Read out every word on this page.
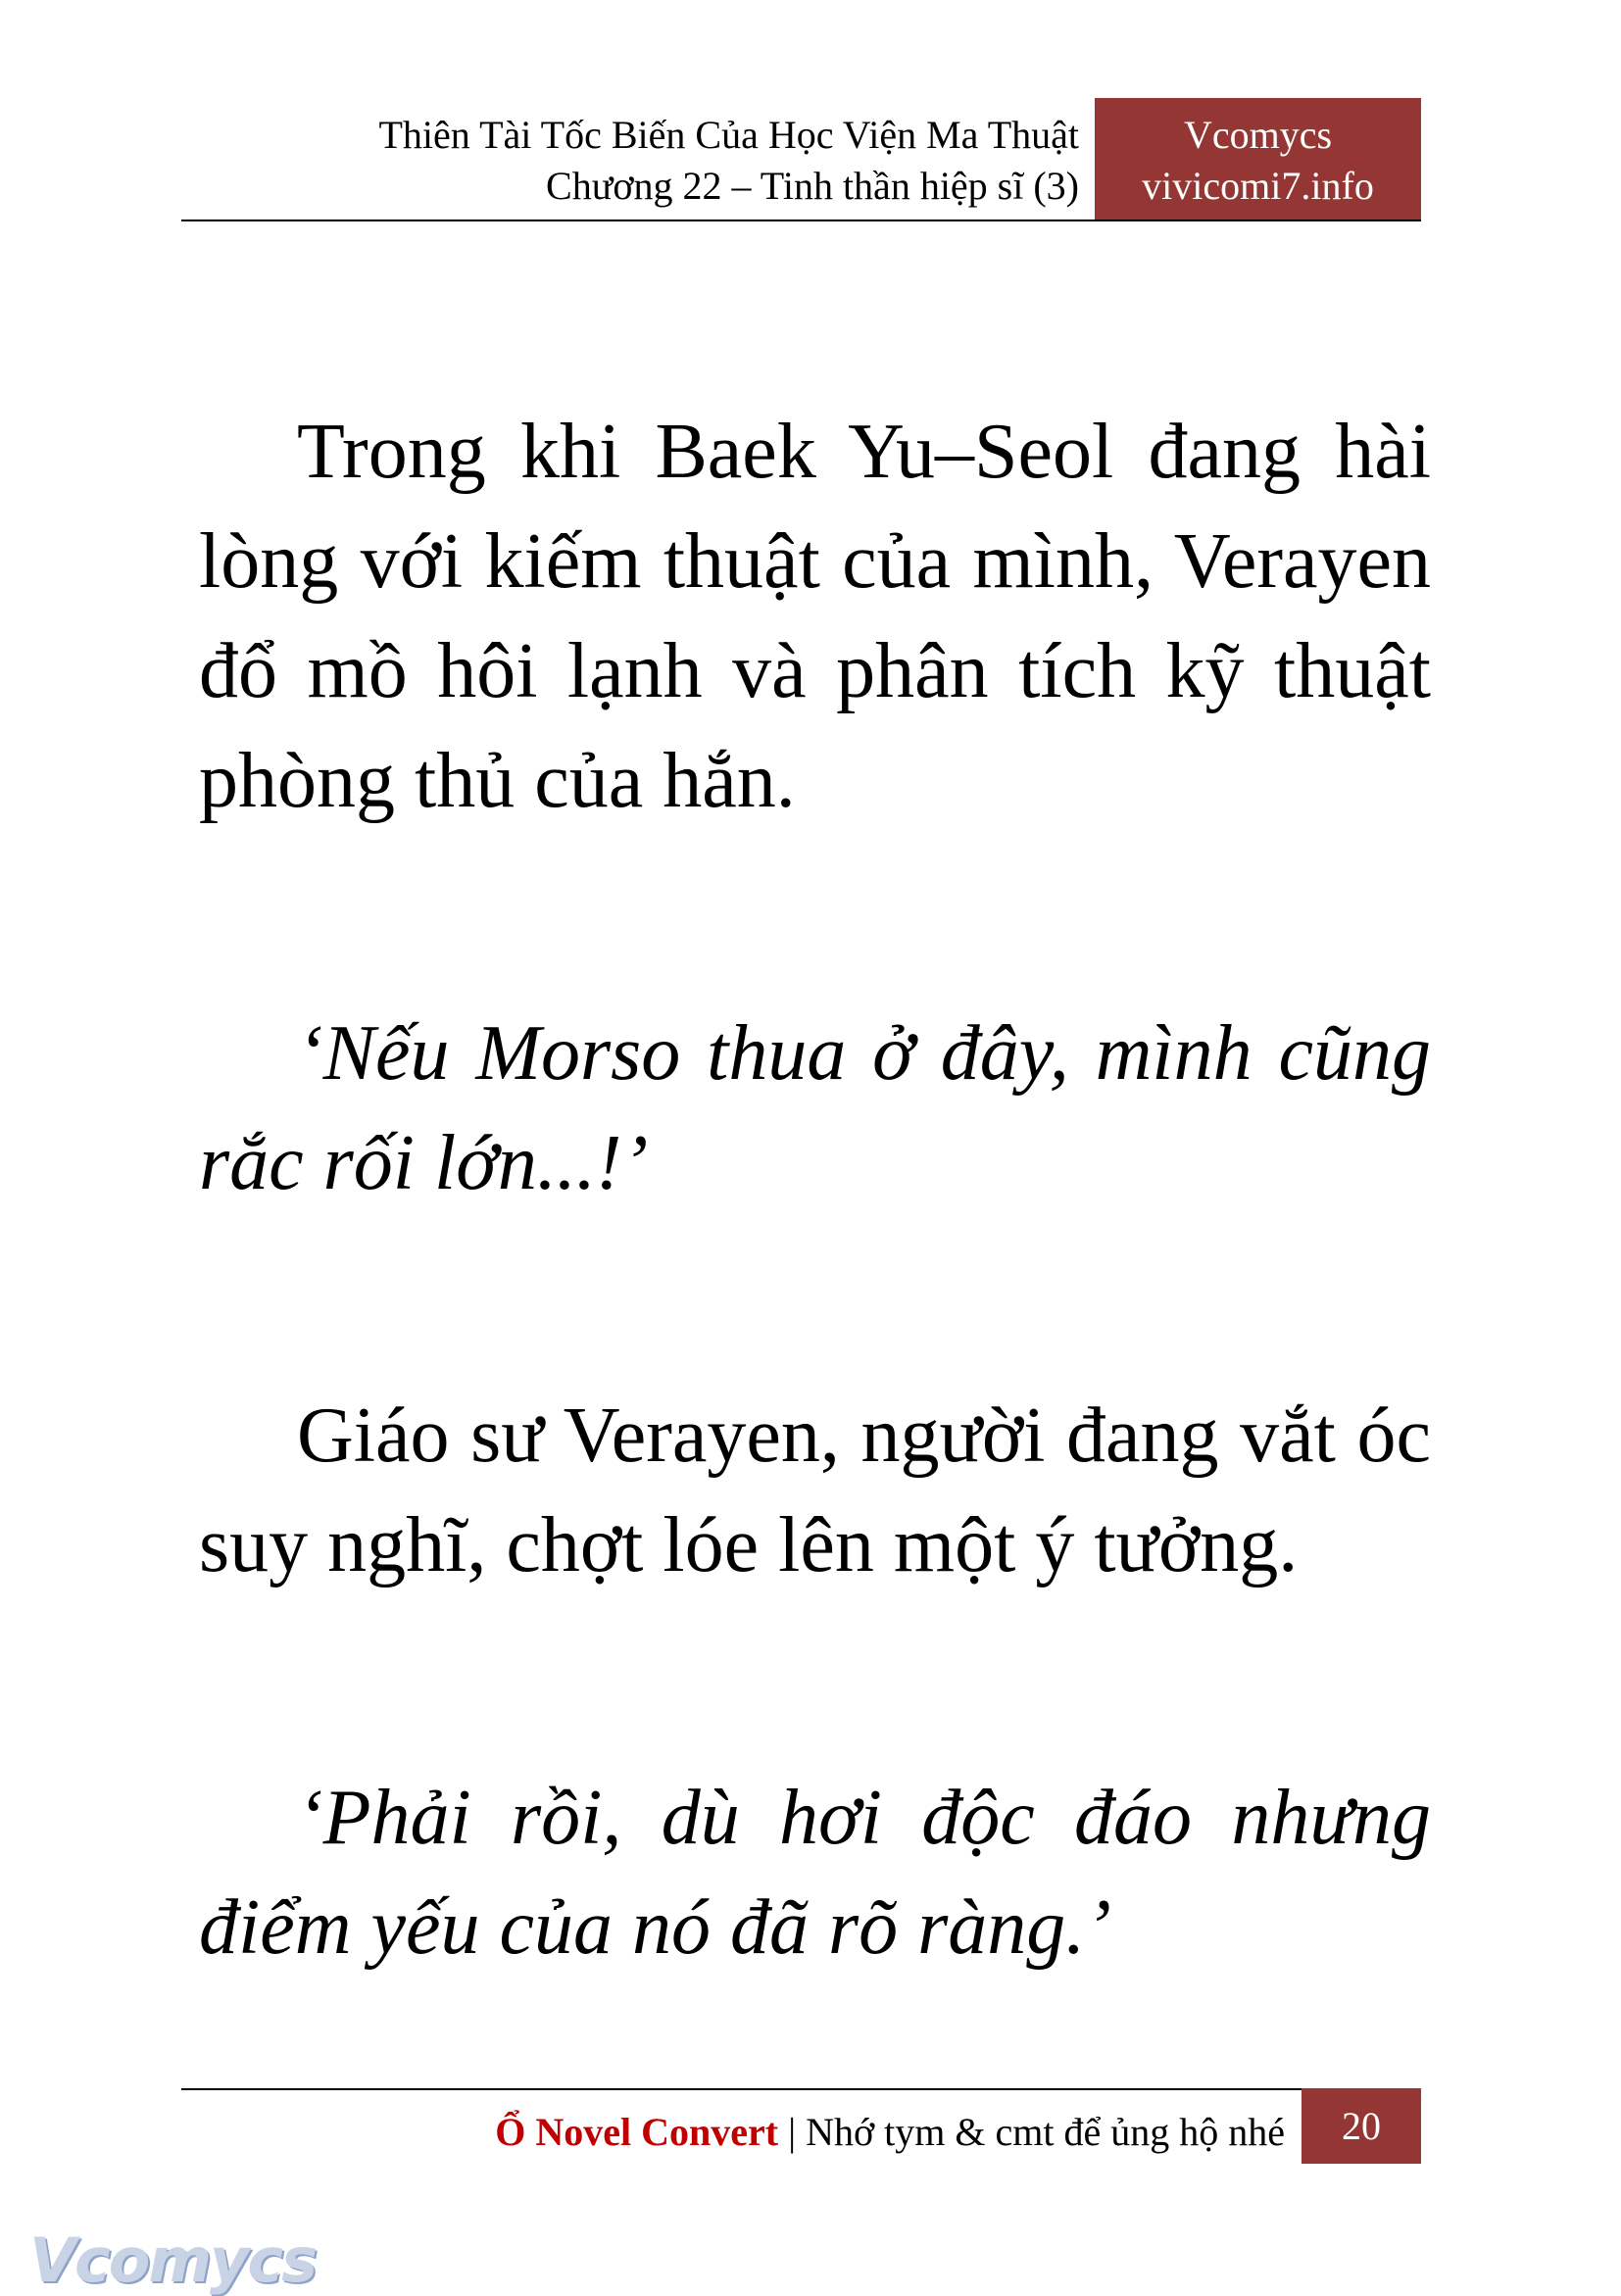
Thiên Tài Tốc Biến Của Học Viện Ma Thuật
Chương 22 – Tinh thần hiệp sĩ (3)
Vcomycs
vivicomi7.info

Trong khi Baek Yu–Seol đang hài lòng với kiếm thuật của mình, Verayen đổ mồ hôi lạnh và phân tích kỹ thuật phòng thủ của hắn.

‘Nếu Morso thua ở đây, mình cũng rắc rối lớn...!’

Giáo sư Verayen, người đang vắt óc suy nghĩ, chợt lóe lên một ý tưởng.

‘Phải rồi, dù hơi độc đáo nhưng điểm yếu của nó đã rõ ràng.’

Ổ Novel Convert | Nhớ tym & cmt để ủng hộ nhé	20
Vcomycs
